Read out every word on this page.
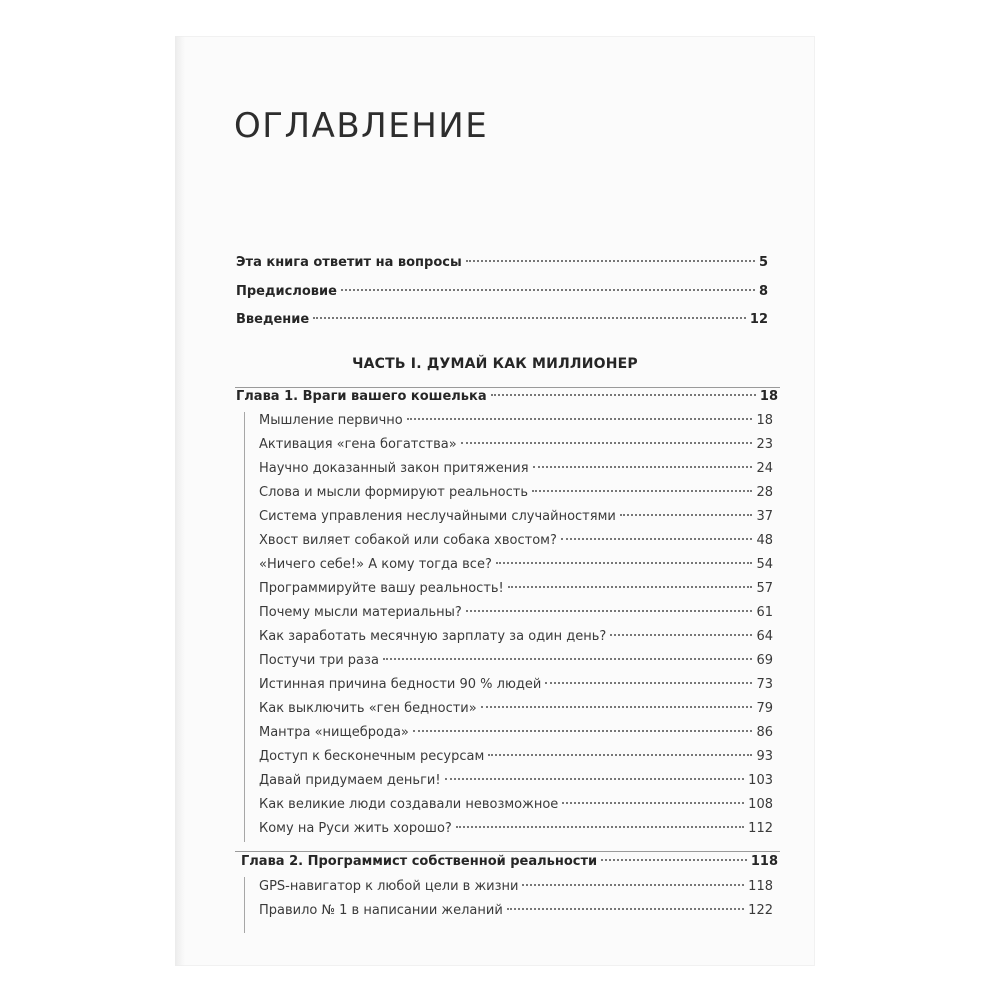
ОГЛАВЛЕНИЕ
Эта книга ответит на вопросы	5
Предисловие	8
Введение	12
ЧАСТЬ I. ДУМАЙ КАК МИЛЛИОНЕР
Глава 1. Враги вашего кошелька	18
Мышление первично	18
Активация «гена богатства»	23
Научно доказанный закон притяжения	24
Слова и мысли формируют реальность	28
Система управления неслучайными случайностями	37
Хвост виляет собакой или собака хвостом?	48
«Ничего себе!» А кому тогда все?	54
Программируйте вашу реальность!	57
Почему мысли материальны?	61
Как заработать месячную зарплату за один день?	64
Постучи три раза	69
Истинная причина бедности 90 % людей	73
Как выключить «ген бедности»	79
Мантра «нищеброда»	86
Доступ к бесконечным ресурсам	93
Давай придумаем деньги!	103
Как великие люди создавали невозможное	108
Кому на Руси жить хорошо?	112
Глава 2. Программист собственной реальности	118
GPS-навигатор к любой цели в жизни	118
Правило № 1 в написании желаний	122
